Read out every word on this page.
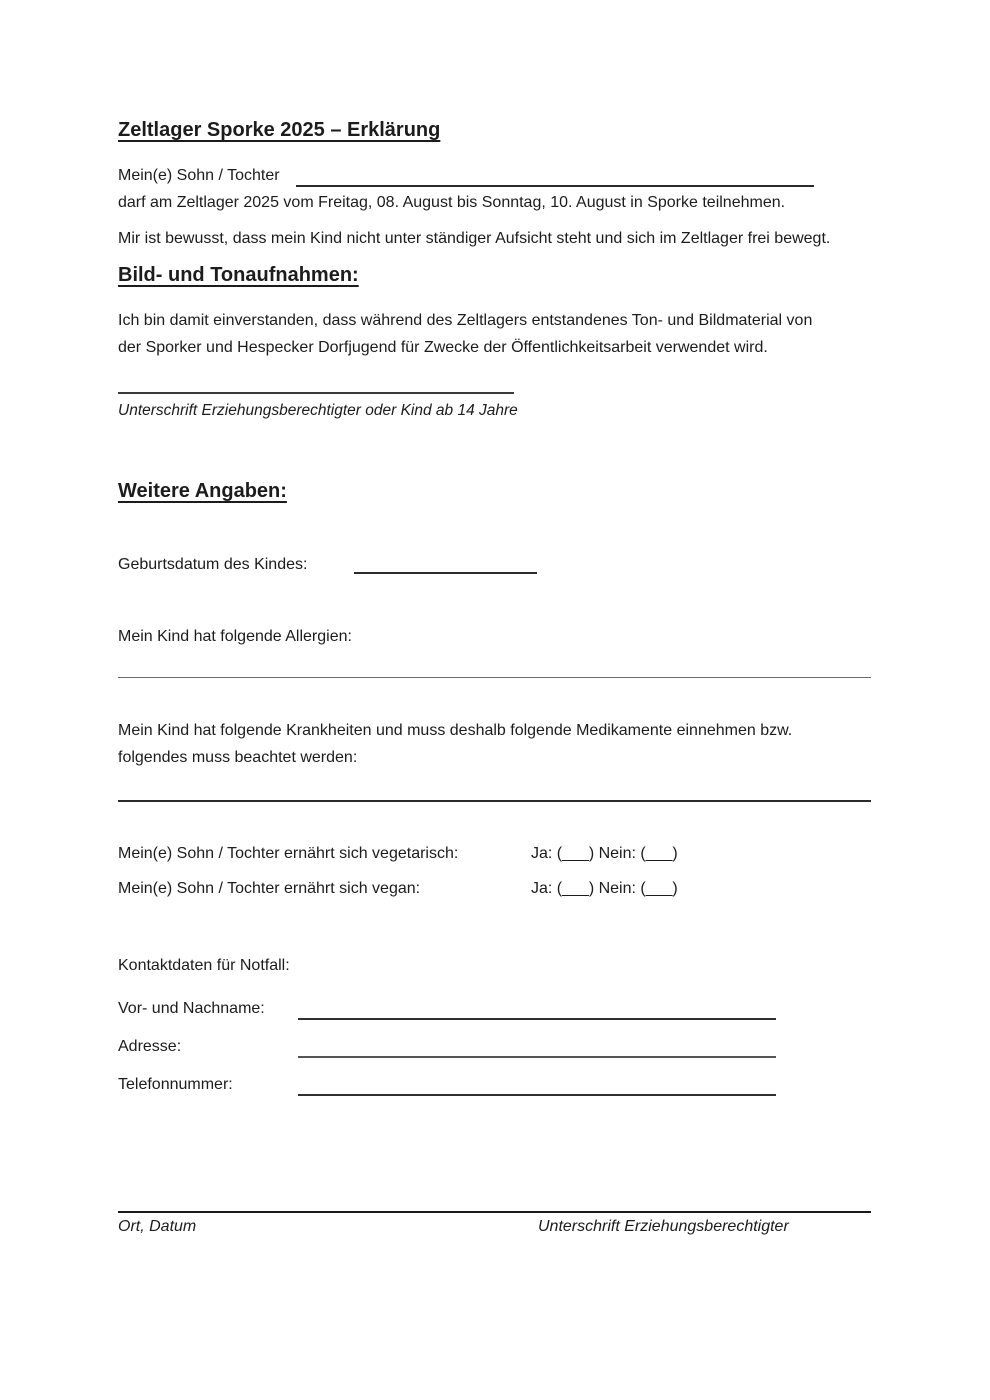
Zeltlager Sporke 2025 – Erklärung
Mein(e) Sohn / Tochter
darf am Zeltlager 2025 vom Freitag, 08. August bis Sonntag, 10. August in Sporke teilnehmen.
Mir ist bewusst, dass mein Kind nicht unter ständiger Aufsicht steht und sich im Zeltlager frei bewegt.
Bild- und Tonaufnahmen:
Ich bin damit einverstanden, dass während des Zeltlagers entstandenes Ton- und Bildmaterial von
der Sporker und Hespecker Dorfjugend für Zwecke der Öffentlichkeitsarbeit verwendet wird.
Unterschrift Erziehungsberechtigter oder Kind ab 14 Jahre
Weitere Angaben:
Geburtsdatum des Kindes:
Mein Kind hat folgende Allergien:
Mein Kind hat folgende Krankheiten und muss deshalb folgende Medikamente einnehmen bzw.
folgendes muss beachtet werden:
Mein(e) Sohn / Tochter ernährt sich vegetarisch:	Ja: (___) Nein: (___)
Mein(e) Sohn / Tochter ernährt sich vegan:	Ja: (___) Nein: (___)
Kontaktdaten für Notfall:
Vor- und Nachname:
Adresse:
Telefonnummer:
Ort, Datum	Unterschrift Erziehungsberechtigter
